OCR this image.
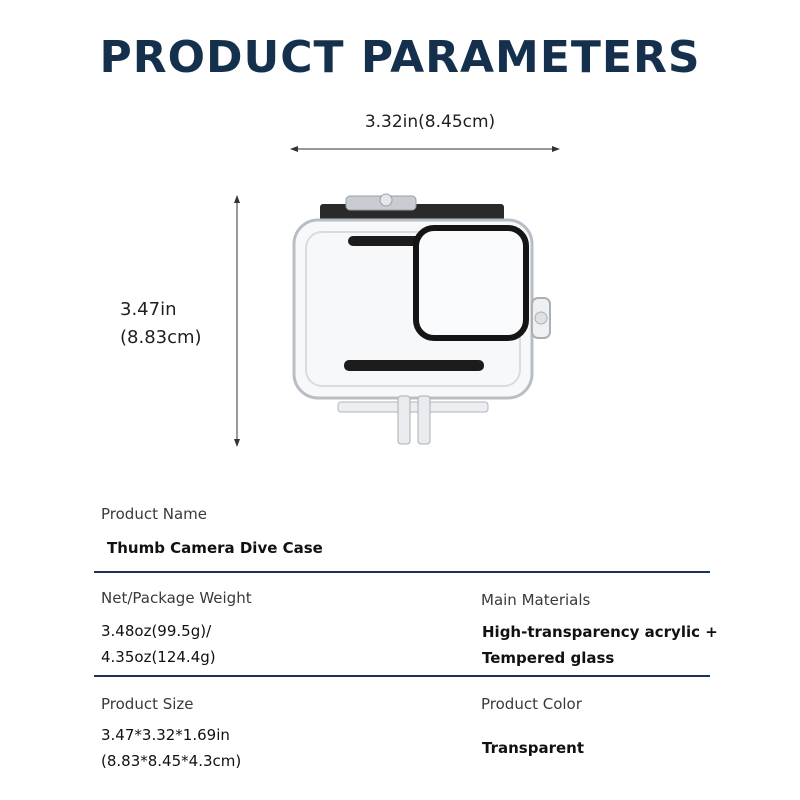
PRODUCT PARAMETERS
3.32in(8.45cm)
3.47in
(8.83cm)
Product Name
Thumb Camera Dive Case
Net/Package Weight
3.48oz(99.5g)/
4.35oz(124.4g)
Main Materials
High-transparency acrylic +
Tempered glass
Product Size
3.47*3.32*1.69in
(8.83*8.45*4.3cm)
Product Color
Transparent
